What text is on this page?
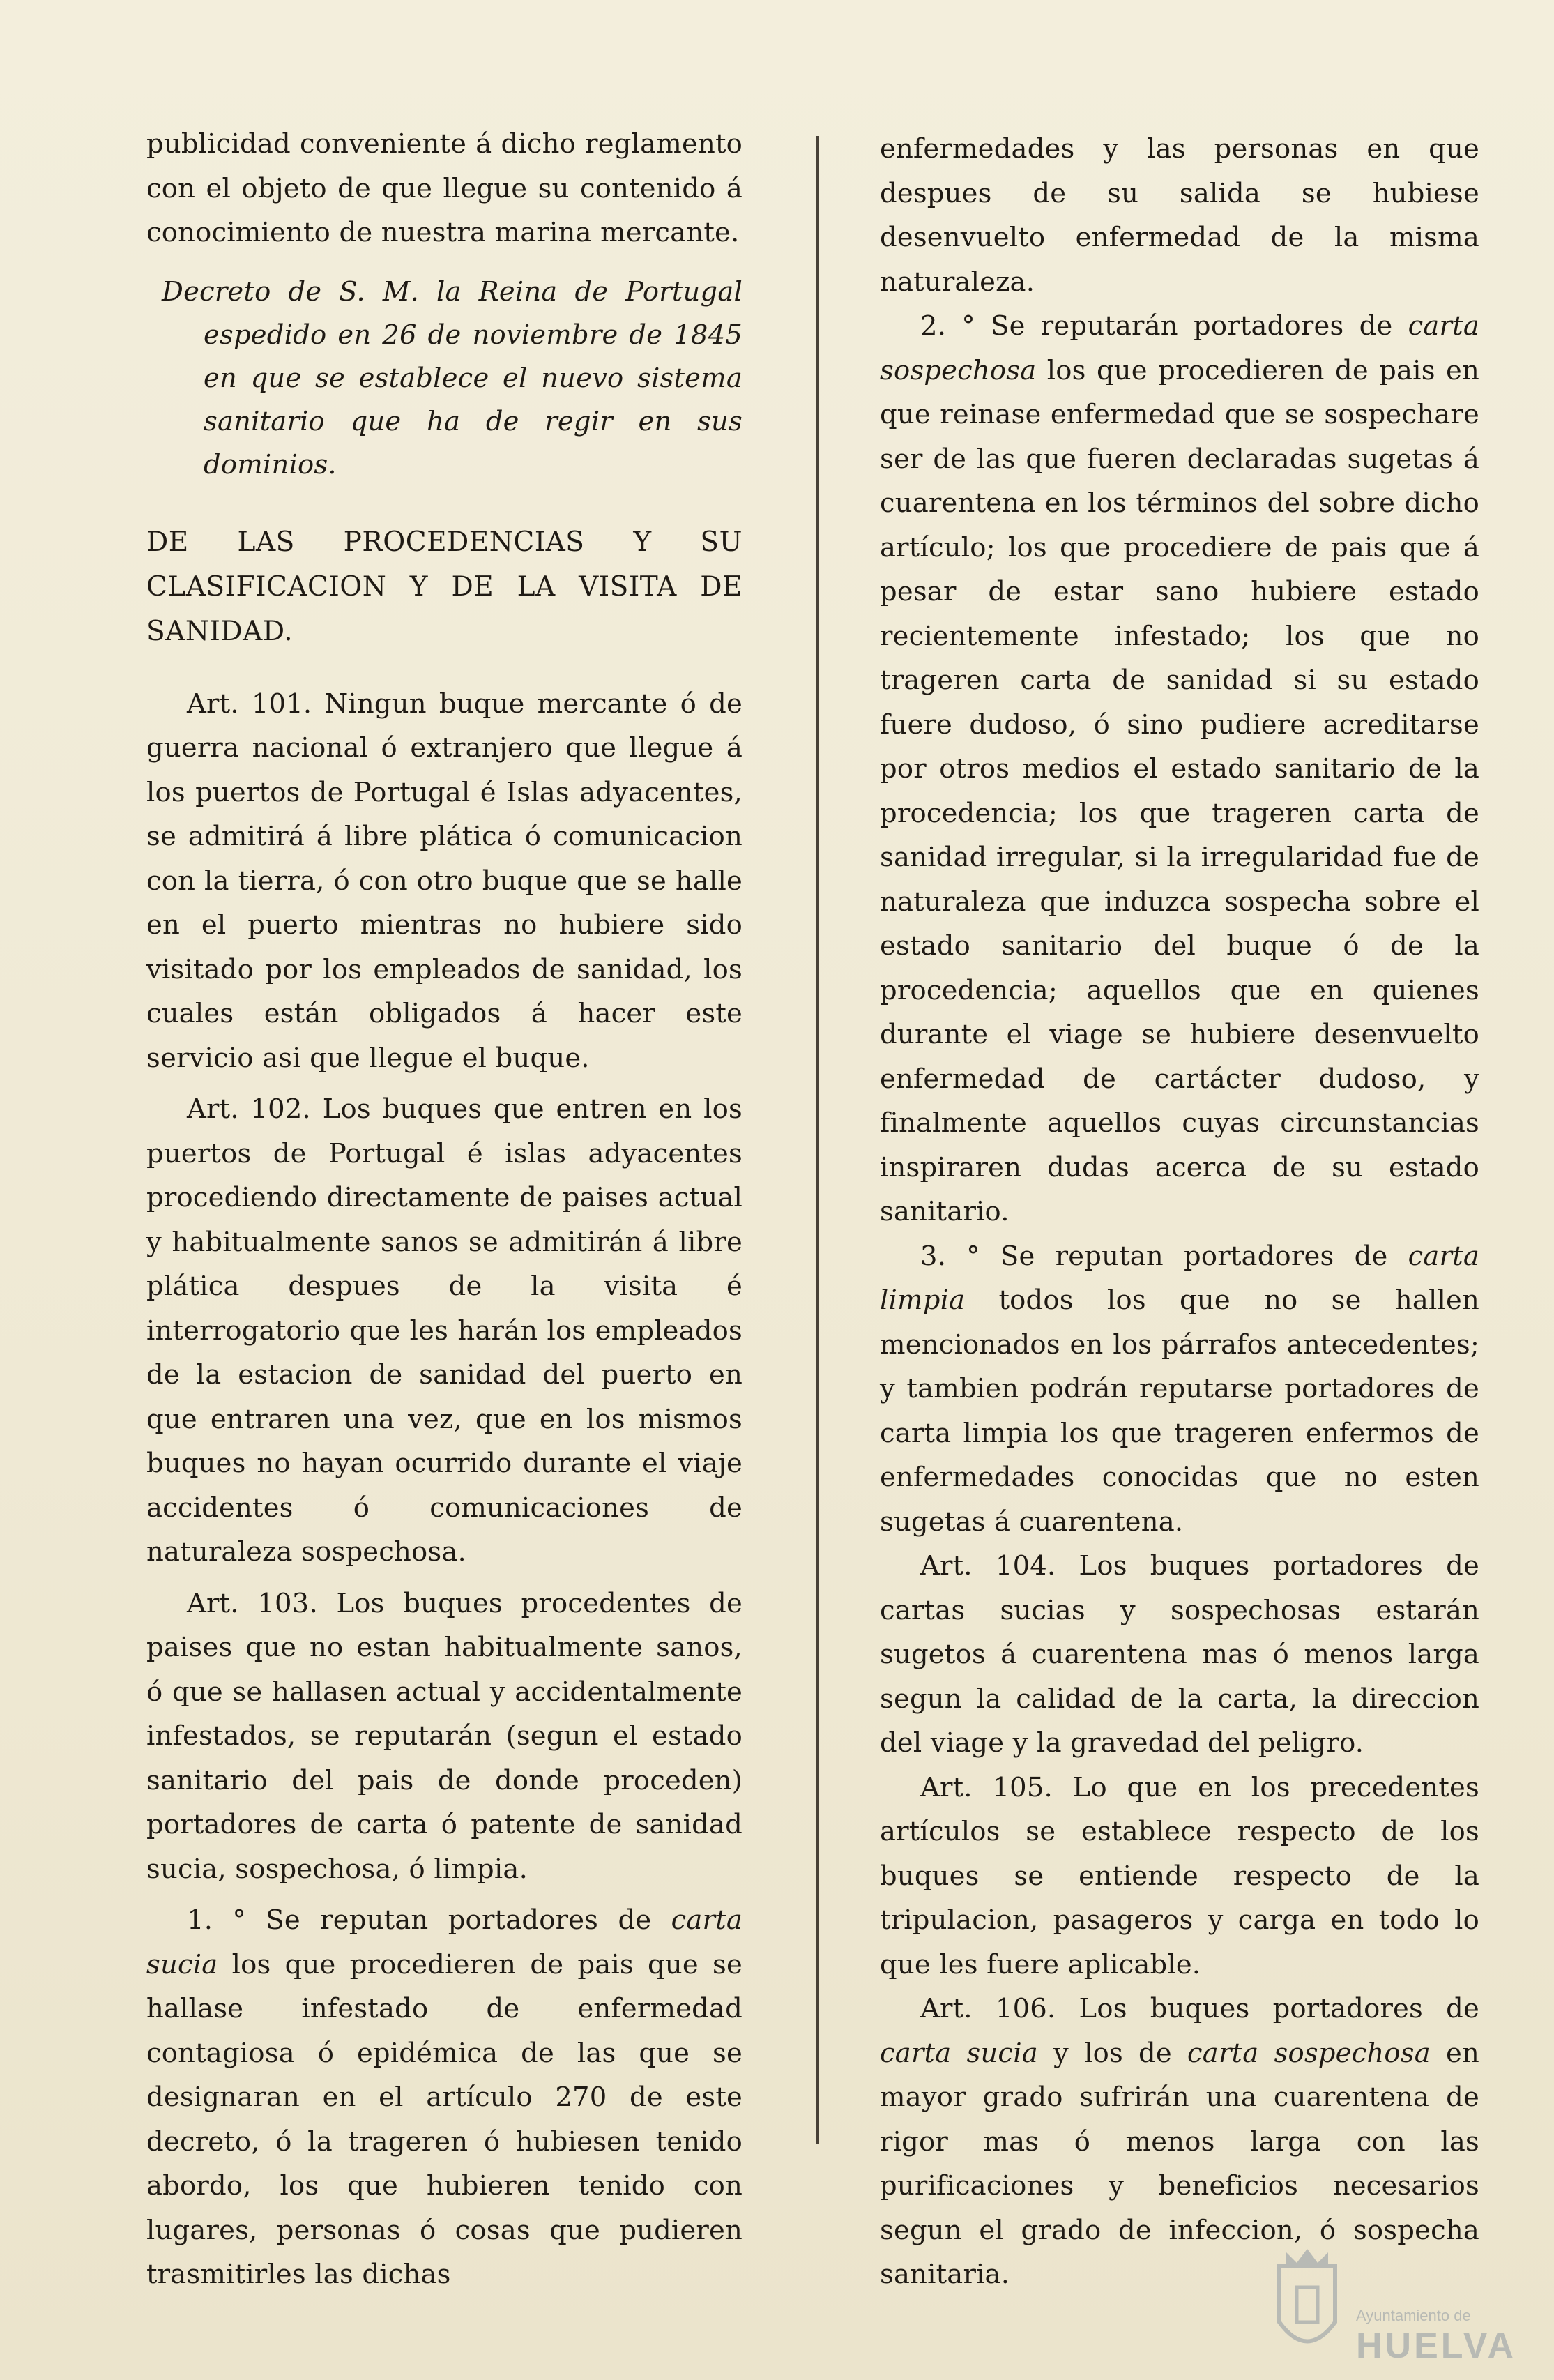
publicidad conveniente á dicho reglamento con el objeto de que llegue su contenido á conocimiento de nuestra marina mercante.

Decreto de S. M. la Reina de Portugal espedido en 26 de noviembre de 1845 en que se establece el nuevo sistema sanitario que ha de regir en sus dominios.

DE LAS PROCEDENCIAS Y SU CLASIFICACION Y DE LA VISITA DE SANIDAD.

Art. 101. Ningun buque mercante ó de guerra nacional ó extranjero que llegue á los puertos de Portugal é Islas adyacentes, se admitirá á libre plática ó comunicacion con la tierra, ó con otro buque que se halle en el puerto mientras no hubiere sido visitado por los empleados de sanidad, los cuales están obligados á hacer este servicio asi que llegue el buque.

Art. 102. Los buques que entren en los puertos de Portugal é islas adyacentes procediendo directamente de paises actual y habitualmente sanos se admitirán á libre plática despues de la visita é interrogatorio que les harán los empleados de la estacion de sanidad del puerto en que entraren una vez, que en los mismos buques no hayan ocurrido durante el viaje accidentes ó comunicaciones de naturaleza sospechosa.

Art. 103. Los buques procedentes de paises que no estan habitualmente sanos, ó que se hallasen actual y accidentalmente infestados, se reputarán (segun el estado sanitario del pais de donde proceden) portadores de carta ó patente de sanidad sucia, sospechosa, ó limpia.

1. ° Se reputan portadores de carta sucia los que procedieren de pais que se hallase infestado de enfermedad contagiosa ó epidémica de las que se designaran en el artículo 270 de este decreto, ó la trageren ó hubiesen tenido abordo, los que hubieren tenido con lugares, personas ó cosas que pudieren trasmitirles las dichas

enfermedades y las personas en que despues de su salida se hubiese desenvuelto enfermedad de la misma naturaleza.

2. ° Se reputarán portadores de carta sospechosa los que procedieren de pais en que reinase enfermedad que se sospechare ser de las que fueren declaradas sugetas á cuarentena en los términos del sobre dicho artículo; los que procediere de pais que á pesar de estar sano hubiere estado recientemente infestado; los que no trageren carta de sanidad si su estado fuere dudoso, ó sino pudiere acreditarse por otros medios el estado sanitario de la procedencia; los que trageren carta de sanidad irregular, si la irregularidad fue de naturaleza que induzca sospecha sobre el estado sanitario del buque ó de la procedencia; aquellos que en quienes durante el viage se hubiere desenvuelto enfermedad de cartácter dudoso, y finalmente aquellos cuyas circunstancias inspiraren dudas acerca de su estado sanitario.

3. ° Se reputan portadores de carta limpia todos los que no se hallen mencionados en los párrafos antecedentes; y tambien podrán reputarse portadores de carta limpia los que trageren enfermos de enfermedades conocidas que no esten sugetas á cuarentena.

Art. 104. Los buques portadores de cartas sucias y sospechosas estarán sugetos á cuarentena mas ó menos larga segun la calidad de la carta, la direccion del viage y la gravedad del peligro.

Art. 105. Lo que en los precedentes artículos se establece respecto de los buques se entiende respecto de la tripulacion, pasageros y carga en todo lo que les fuere aplicable.

Art. 106. Los buques portadores de carta sucia y los de carta sospechosa en mayor grado sufrirán una cuarentena de rigor mas ó menos larga con las purificaciones y beneficios necesarios segun el grado de infeccion, ó sospecha sanitaria.

Ayuntamiento de
HUELVA
